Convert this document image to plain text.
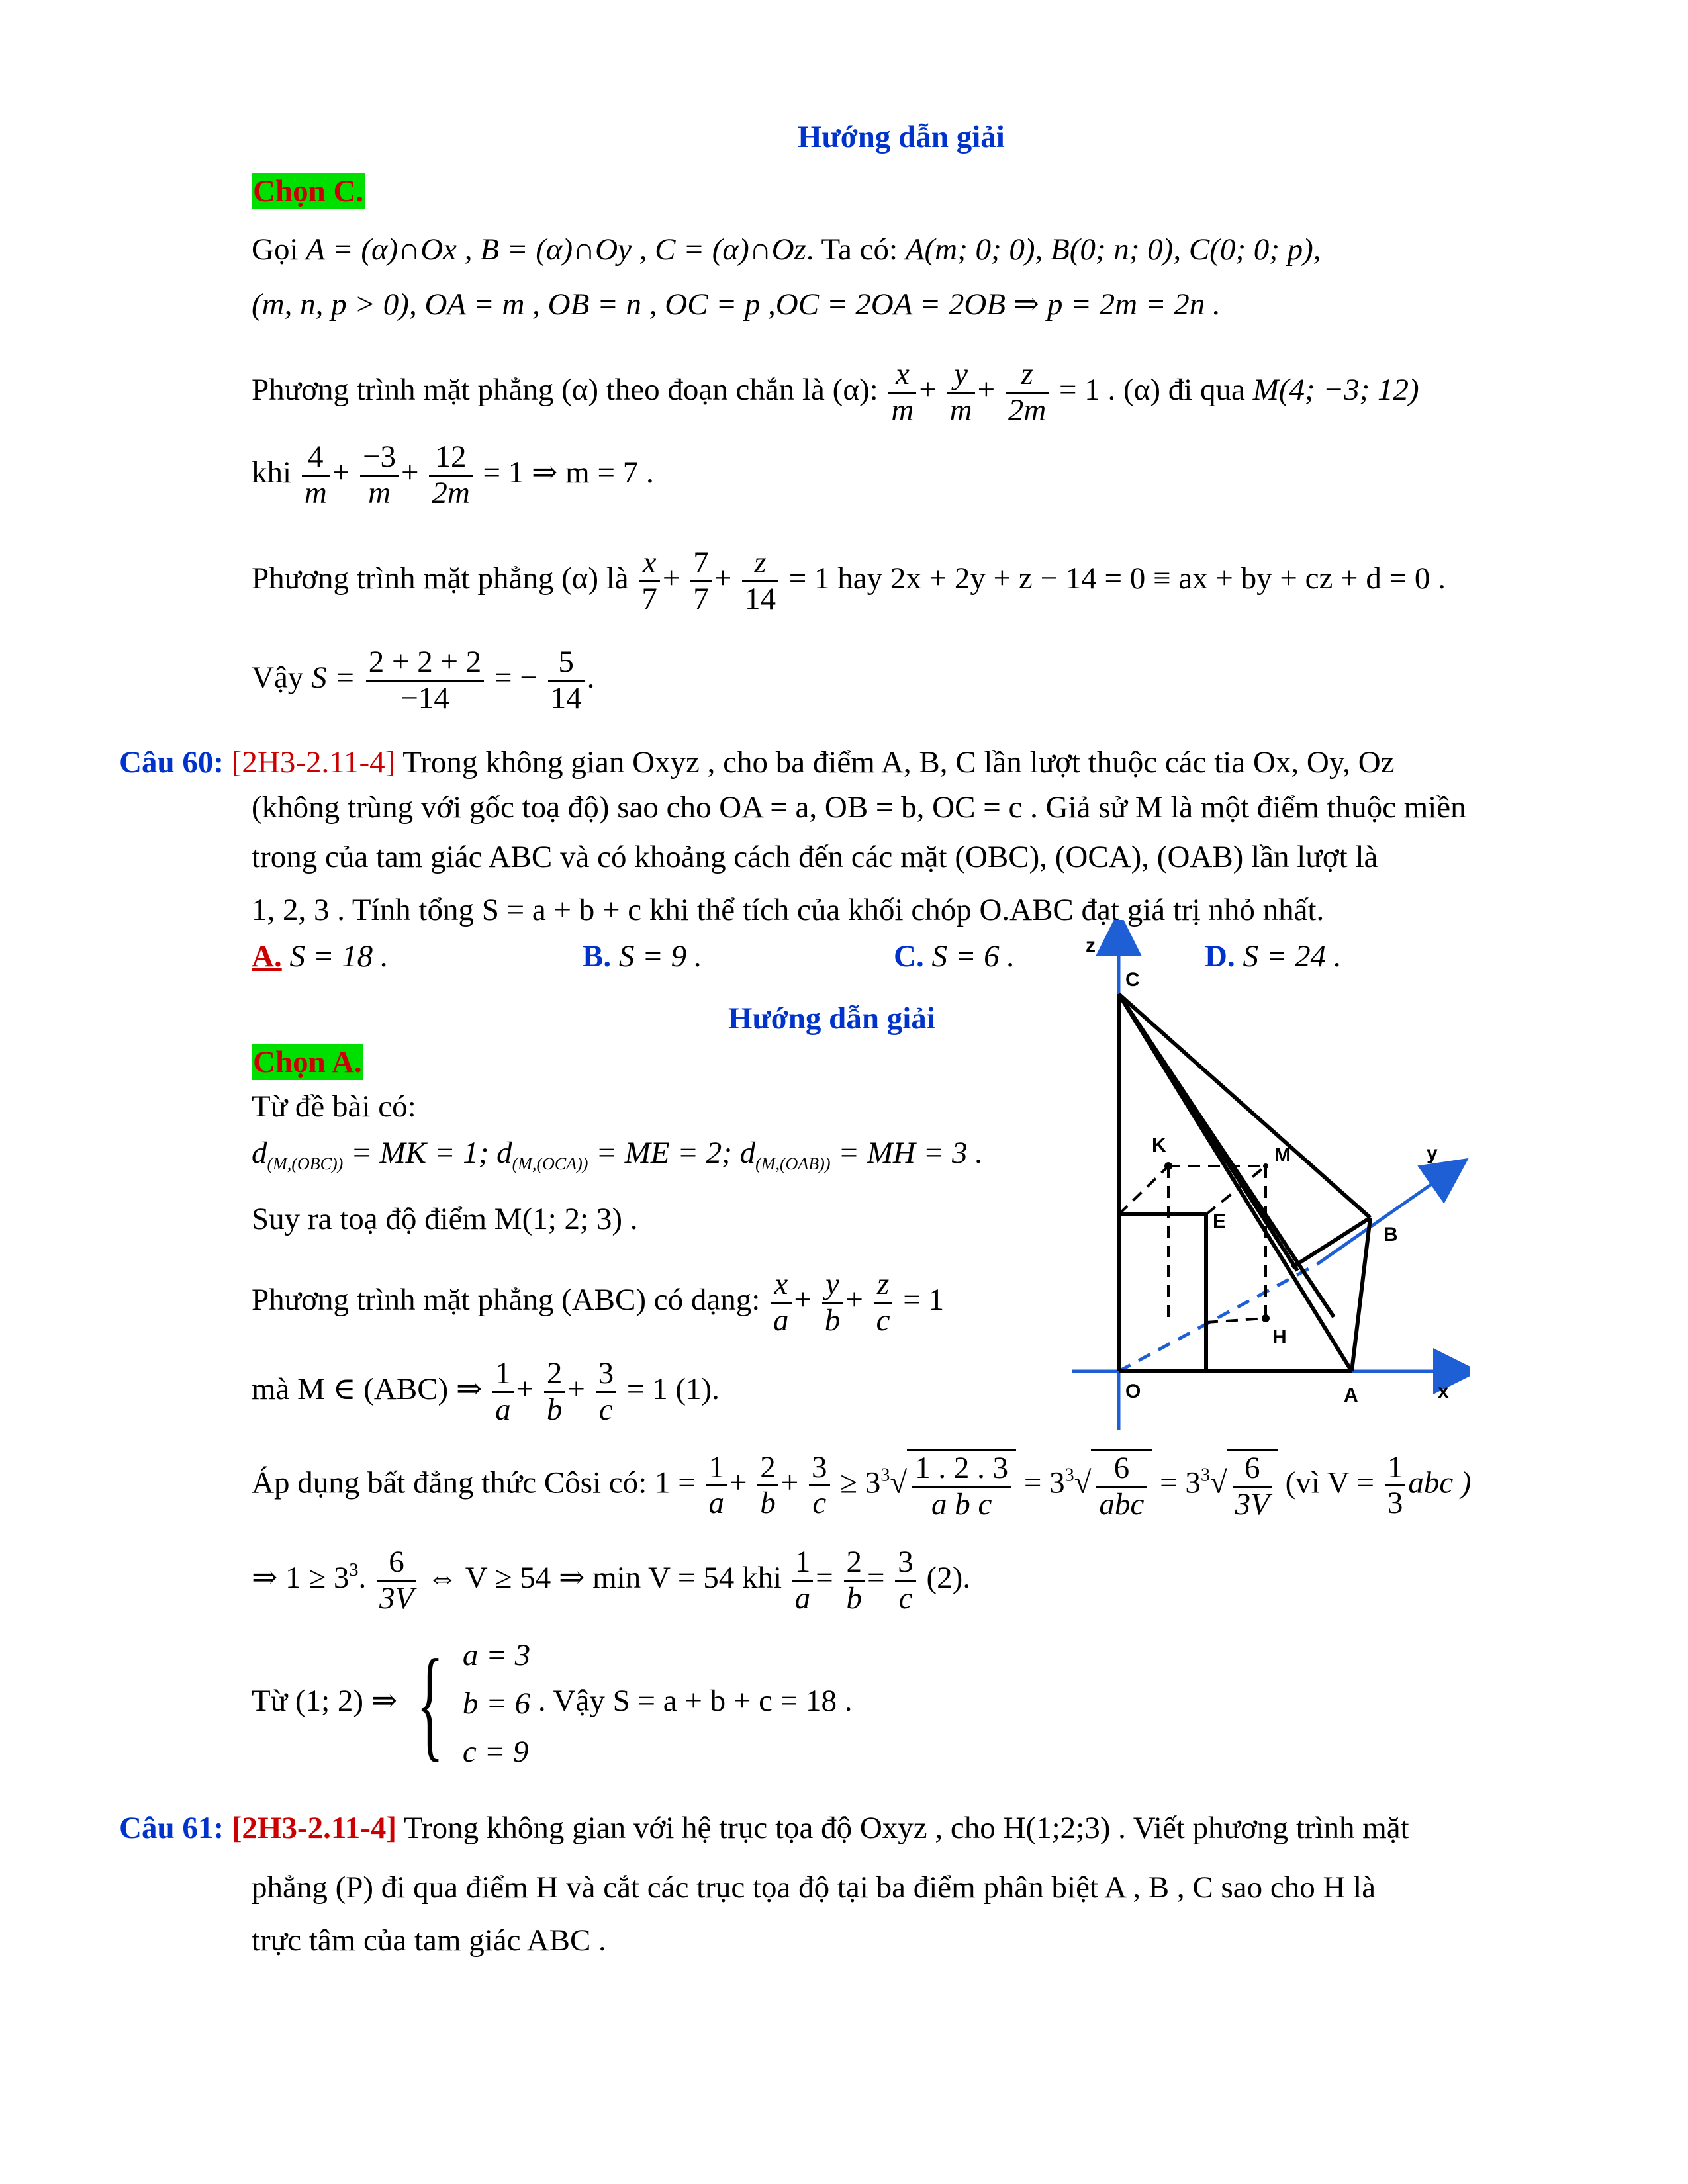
Hướng dẫn giải
Chọn C.
Gọi A = (α)∩Ox , B = (α)∩Oy , C = (α)∩Oz. Ta có: A(m; 0; 0), B(0; n; 0), C(0; 0; p),
(m, n, p > 0), OA = m , OB = n , OC = p ,OC = 2OA = 2OB ⇒ p = 2m = 2n .
Phương trình mặt phẳng (α) theo đoạn chắn là (α): $\frac{x}{m} + \frac{y}{m} + \frac{z}{2m} = 1$ . (α) đi qua M(4; −3; 12)
khi $\frac{4}{m} + \frac{-3}{m} + \frac{12}{2m} = 1$ ⇒ m = 7 .
Phương trình mặt phẳng (α) là $\frac{x}{7} + \frac{7}{7} + \frac{z}{14} = 1$ hay 2x + 2y + z − 14 = 0 ≡ ax + by + cz + d = 0 .
Vậy $S = \frac{2 + 2 + 2}{-14}$ = − $\frac{5}{14}$ .
Câu 60: [2H3-2.11-4] Trong không gian Oxyz , cho ba điểm A, B, C lần lượt thuộc các tia Ox, Oy, Oz
(không trùng với gốc toạ độ) sao cho OA = a, OB = b, OC = c . Giả sử M là một điểm thuộc miền
trong của tam giác ABC và có khoảng cách đến các mặt (OBC), (OCA), (OAB) lần lượt là
1, 2, 3 . Tính tổng S = a + b + c khi thể tích của khối chóp O.ABC đạt giá trị nhỏ nhất.
A. S = 18 .	B. S = 9 .	C. S = 6 .	D. S = 24 .
Hướng dẫn giải
Chọn A.
Từ đề bài có:
$d_{(M,(OBC))}$ = MK = 1; $d_{(M,(OCA))}$ = ME = 2; $d_{(M,(OAB))}$ = MH = 3 .
Suy ra toạ độ điểm M(1; 2; 3) .
Phương trình mặt phẳng (ABC) có dạng: $\frac{x}{a} + \frac{y}{b} + \frac{z}{c} = 1$
mà M ∈ (ABC) ⇒ $\frac{1}{a} + \frac{2}{b} + \frac{3}{c} = 1$ (1).
Áp dụng bất đẳng thức Côsi có: $1 = \frac{1}{a} + \frac{2}{b} + \frac{3}{c} \ge 3^3√ \frac{1 . 2 . 3}{\text{a b c}} = 3^3√ \frac{6}{\text{abc}} = 3^3√ \frac{6}{3V}$ (vì $V = \frac{1}{3}$ abc )
⇒ $1 \ge 3^3$. $\frac{6}{3V}$ ⇔ V ≥ 54 ⇒ min V = 54 khi $\frac{1}{a} = \frac{2}{b} = \frac{3}{c} (2)$.
Từ (1; 2) ⇒ { a = 3
b = 6
c = 9
. Vậy S = a + b + c = 18 .
z
C
K	M	y
E
B
H
O	A	x
Câu 61: [2H3-2.11-4] Trong không gian với hệ trục tọa độ Oxyz , cho H(1;2;3) . Viết phương trình mặt
phẳng (P) đi qua điểm H và cắt các trục tọa độ tại ba điểm phân biệt A , B , C sao cho H là
trực tâm của tam giác ABC .
